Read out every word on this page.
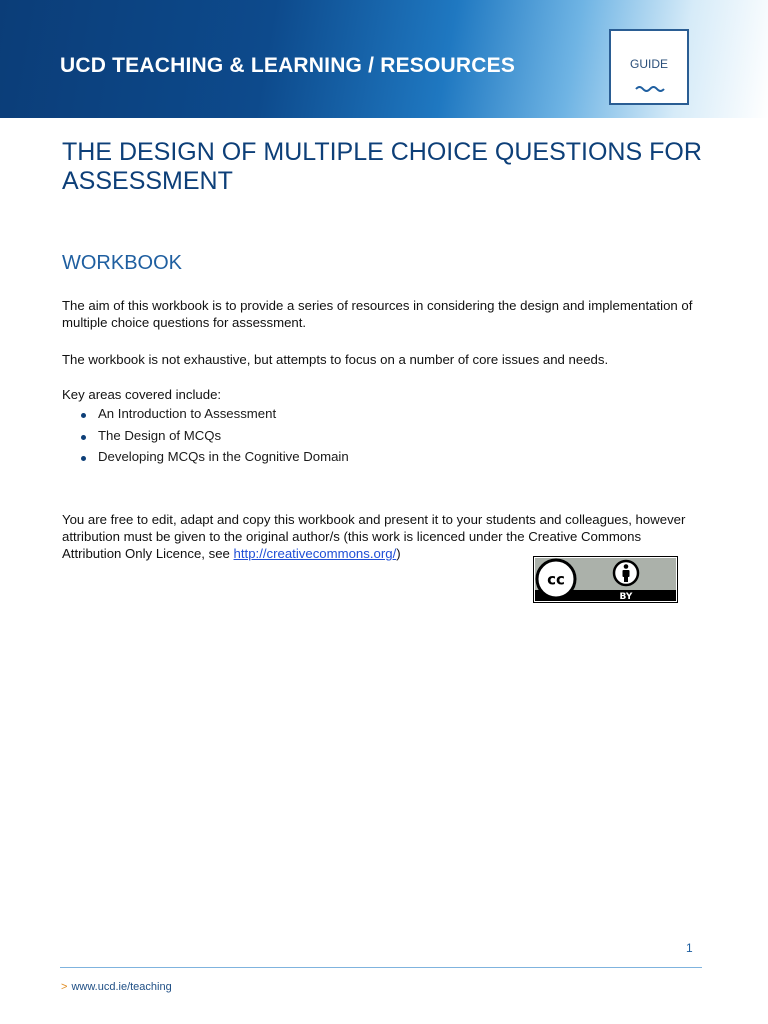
UCD TEACHING & LEARNING / RESOURCES	GUIDE
THE DESIGN OF MULTIPLE CHOICE QUESTIONS FOR ASSESSMENT
WORKBOOK

The aim of this workbook is to provide a series of resources in considering the design and implementation of multiple choice questions for assessment.

The workbook is not exhaustive, but attempts to focus on a number of core issues and needs.

Key areas covered include:

An Introduction to Assessment
The Design of MCQs
Developing MCQs in the Cognitive Domain

You are free to edit, adapt and copy this workbook and present it to your students and colleagues, however attribution must be given to the original author/s (this work is licenced under the Creative Commons Attribution Only Licence, see http://creativecommons.org/)

cc
BY
1
> www.ucd.ie/teaching
